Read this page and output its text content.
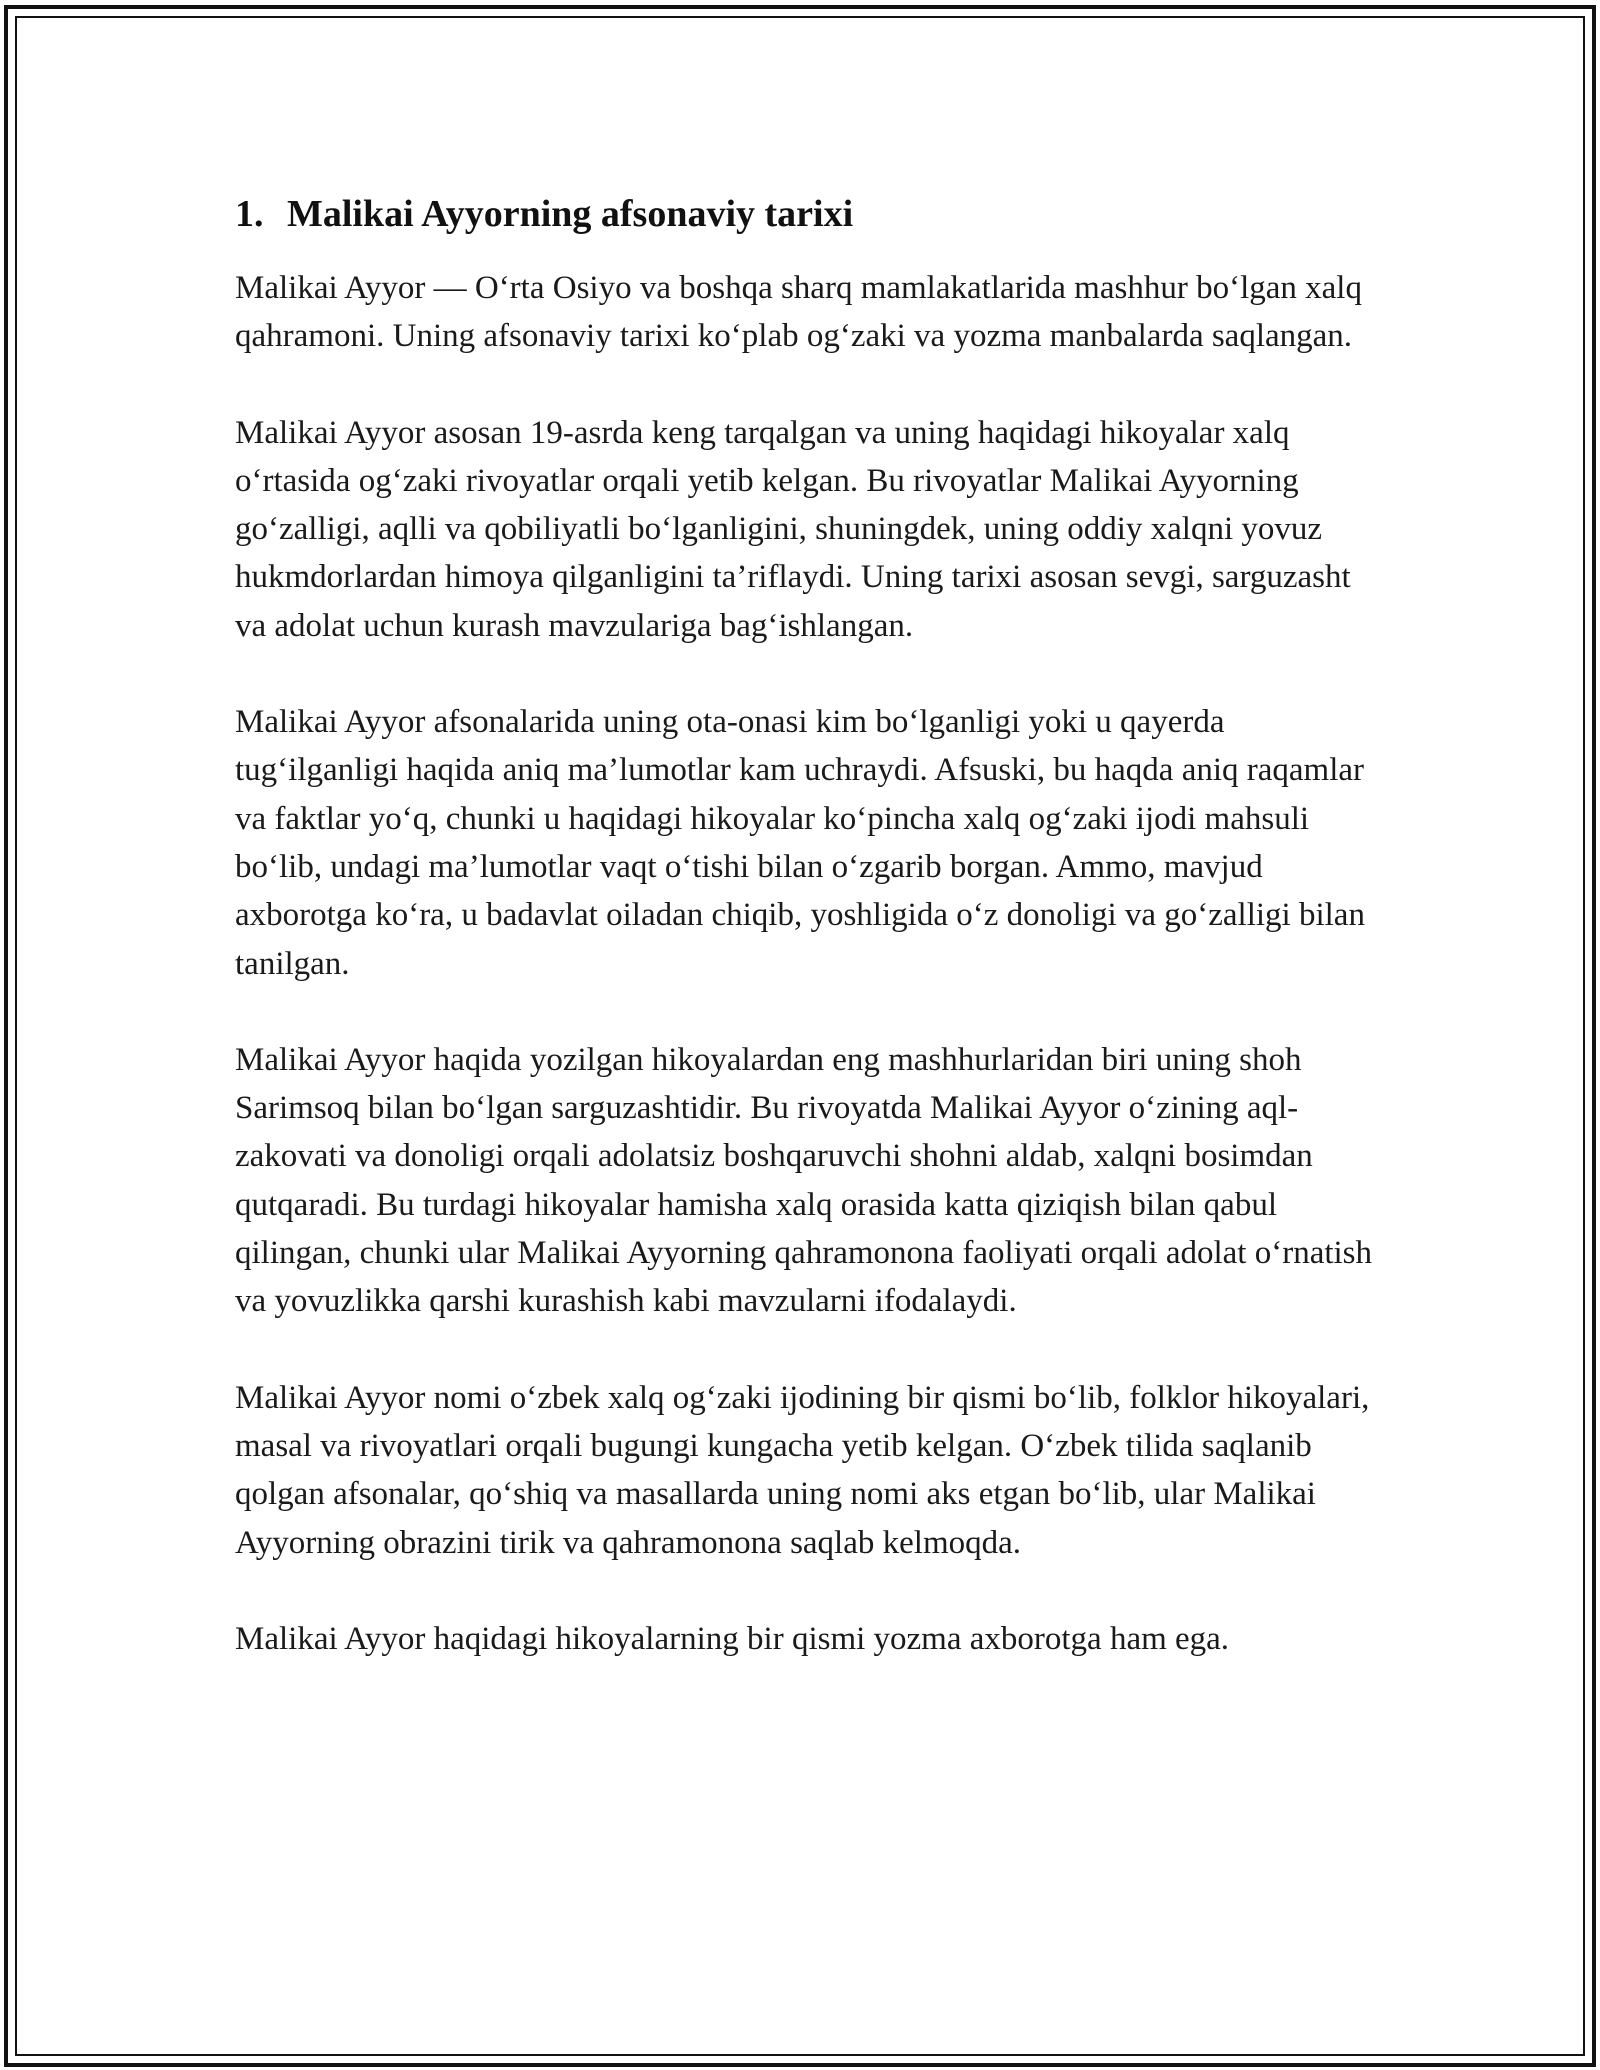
1. Malikai Ayyorning afsonaviy tarixi

Malikai Ayyor — O‘rta Osiyo va boshqa sharq mamlakatlarida mashhur bo‘lgan xalq qahramoni. Uning afsonaviy tarixi ko‘plab og‘zaki va yozma manbalarda saqlangan.

Malikai Ayyor asosan 19-asrda keng tarqalgan va uning haqidagi hikoyalar xalq o‘rtasida og‘zaki rivoyatlar orqali yetib kelgan. Bu rivoyatlar Malikai Ayyorning go‘zalligi, aqlli va qobiliyatli bo‘lganligini, shuningdek, uning oddiy xalqni yovuz hukmdorlardan himoya qilganligini ta’riflaydi. Uning tarixi asosan sevgi, sarguzasht va adolat uchun kurash mavzulariga bag‘ishlangan.

Malikai Ayyor afsonalarida uning ota-onasi kim bo‘lganligi yoki u qayerda tug‘ilganligi haqida aniq ma’lumotlar kam uchraydi. Afsuski, bu haqda aniq raqamlar va faktlar yo‘q, chunki u haqidagi hikoyalar ko‘pincha xalq og‘zaki ijodi mahsuli bo‘lib, undagi ma’lumotlar vaqt o‘tishi bilan o‘zgarib borgan. Ammo, mavjud axborotga ko‘ra, u badavlat oiladan chiqib, yoshligida o‘z donoligi va go‘zalligi bilan tanilgan.

Malikai Ayyor haqida yozilgan hikoyalardan eng mashhurlaridan biri uning shoh Sarimsoq bilan bo‘lgan sarguzashtidir. Bu rivoyatda Malikai Ayyor o‘zining aql-zakovati va donoligi orqali adolatsiz boshqaruvchi shohni aldab, xalqni bosimdan qutqaradi. Bu turdagi hikoyalar hamisha xalq orasida katta qiziqish bilan qabul qilingan, chunki ular Malikai Ayyorning qahramonona faoliyati orqali adolat o‘rnatish va yovuzlikka qarshi kurashish kabi mavzularni ifodalaydi.

Malikai Ayyor nomi o‘zbek xalq og‘zaki ijodining bir qismi bo‘lib, folklor hikoyalari, masal va rivoyatlari orqali bugungi kungacha yetib kelgan. O‘zbek tilida saqlanib qolgan afsonalar, qo‘shiq va masallarda uning nomi aks etgan bo‘lib, ular Malikai Ayyorning obrazini tirik va qahramonona saqlab kelmoqda.

Malikai Ayyor haqidagi hikoyalarning bir qismi yozma axborotga ham ega.
